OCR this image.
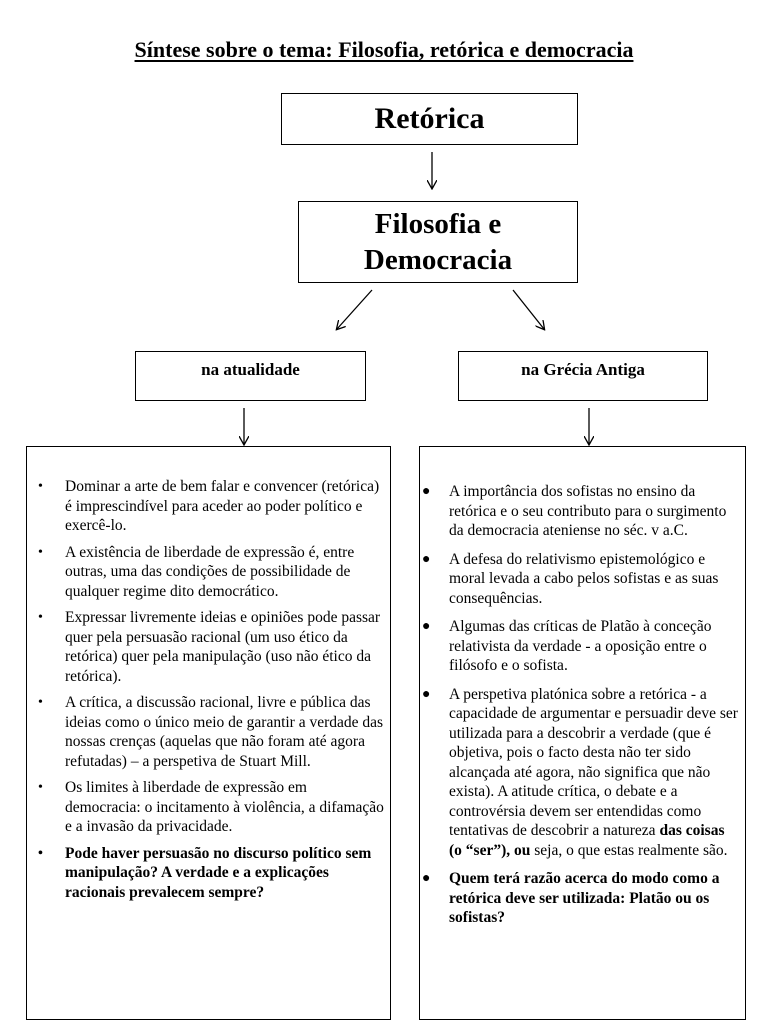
Síntese sobre o tema: Filosofia, retórica e democracia
Retórica
Filosofia e
Democracia
na atualidade	na Grécia Antiga
• Dominar a arte de bem falar e convencer (retórica) é imprescindível para aceder ao poder político e exercê-lo.
• A existência de liberdade de expressão é, entre outras, uma das condições de possibilidade de qualquer regime dito democrático.
• Expressar livremente ideias e opiniões pode passar quer pela persuasão racional (um uso ético da retórica) quer pela manipulação (uso não ético da retórica).
• A crítica, a discussão racional, livre e pública das ideias como o único meio de garantir a verdade das nossas crenças (aquelas que não foram até agora refutadas) – a perspetiva de Stuart Mill.
• Os limites à liberdade de expressão em democracia: o incitamento à violência, a difamação e a invasão da privacidade.
• Pode haver persuasão no discurso político sem manipulação? A verdade e a explicações racionais prevalecem sempre?
● A importância dos sofistas no ensino da retórica e o seu contributo para o surgimento da democracia ateniense no séc. v a.C.
● A defesa do relativismo epistemológico e moral levada a cabo pelos sofistas e as suas consequências.
● Algumas das críticas de Platão à conceção relativista da verdade - a oposição entre o filósofo e o sofista.
● A perspetiva platónica sobre a retórica - a capacidade de argumentar e persuadir deve ser utilizada para a descobrir a verdade (que é objetiva, pois o facto desta não ter sido alcançada até agora, não significa que não exista). A atitude crítica, o debate e a controvérsia devem ser entendidas como tentativas de descobrir a natureza das coisas (o “ser”), ou seja, o que estas realmente são.
● Quem terá razão acerca do modo como a retórica deve ser utilizada: Platão ou os sofistas?
